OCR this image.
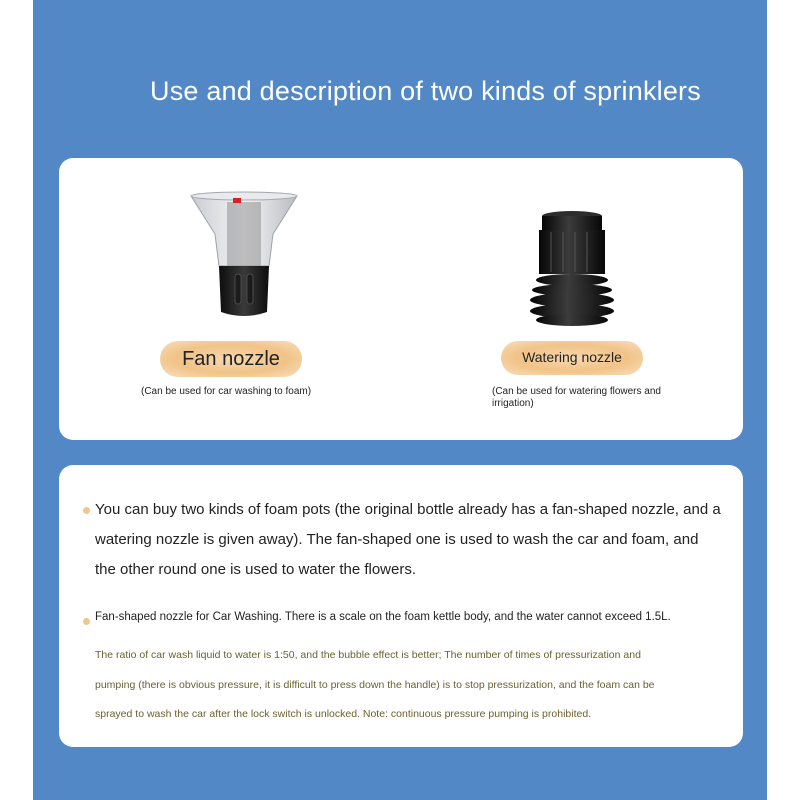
Use and description of two kinds of sprinklers
Fan nozzle	Watering nozzle
(Can be used for car washing to foam)	(Can be used for watering flowers and irrigation)
You can buy two kinds of foam pots (the original bottle already has a fan-shaped nozzle, and a watering nozzle is given away). The fan-shaped one is used to wash the car and foam, and the other round one is used to water the flowers.
Fan-shaped nozzle for Car Washing. There is a scale on the foam kettle body, and the water cannot exceed 1.5L.
The ratio of car wash liquid to water is 1:50, and the bubble effect is better; The number of times of pressurization and
pumping (there is obvious pressure, it is difficult to press down the handle) is to stop pressurization, and the foam can be
sprayed to wash the car after the lock switch is unlocked. Note: continuous pressure pumping is prohibited.
